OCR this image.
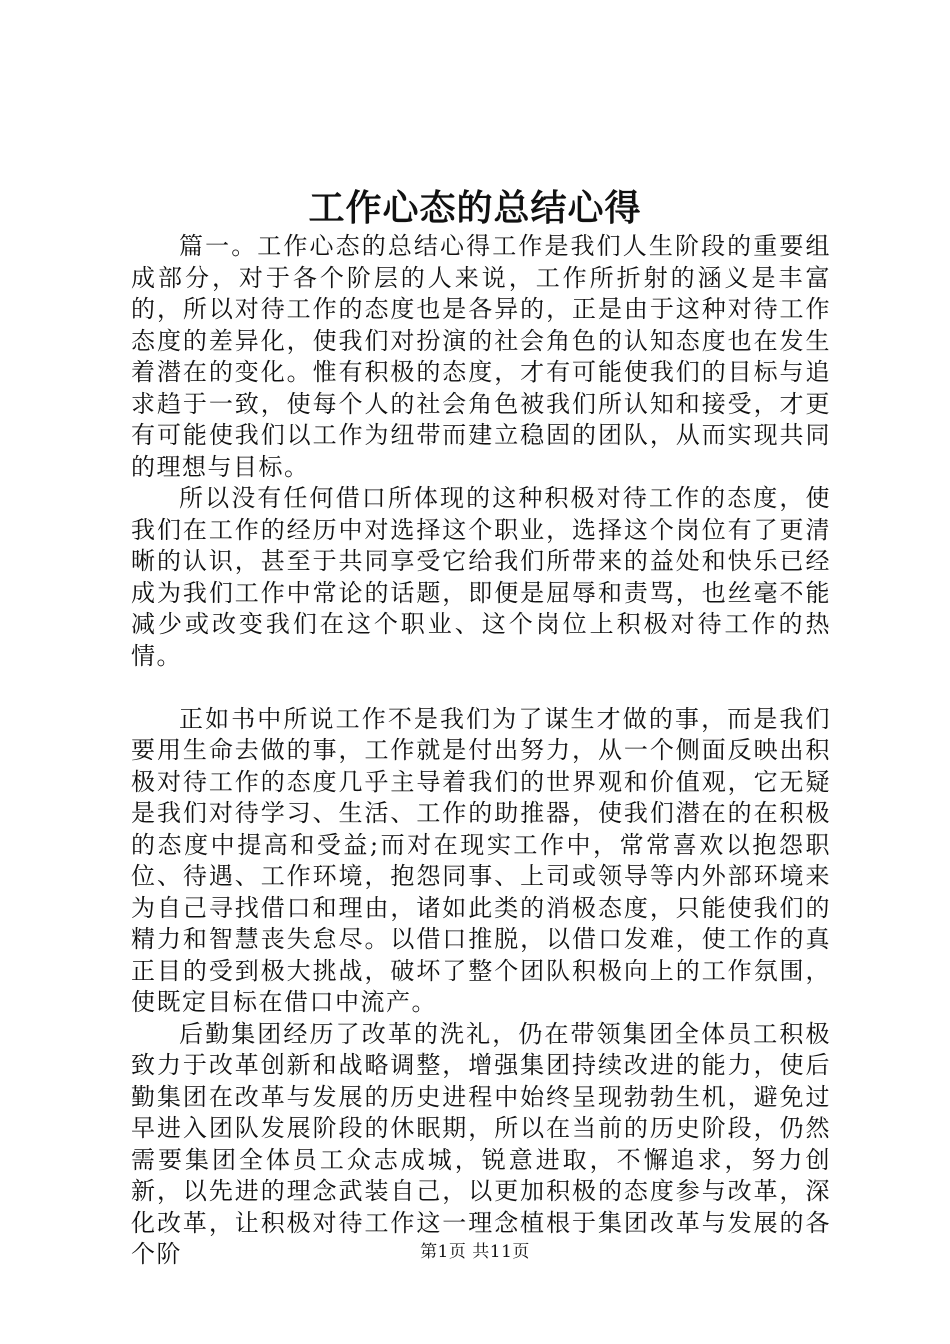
工作心态的总结心得

篇一。工作心态的总结心得工作是我们人生阶段的重要组成部分，对于各个阶层的人来说，工作所折射的涵义是丰富的，所以对待工作的态度也是各异的，正是由于这种对待工作态度的差异化，使我们对扮演的社会角色的认知态度也在发生着潜在的变化。惟有积极的态度，才有可能使我们的目标与追求趋于一致，使每个人的社会角色被我们所认知和接受，才更有可能使我们以工作为纽带而建立稳固的团队，从而实现共同的理想与目标。

所以没有任何借口所体现的这种积极对待工作的态度，使我们在工作的经历中对选择这个职业，选择这个岗位有了更清晰的认识，甚至于共同享受它给我们所带来的益处和快乐已经成为我们工作中常论的话题，即便是屈辱和责骂，也丝毫不能减少或改变我们在这个职业、这个岗位上积极对待工作的热情。

正如书中所说工作不是我们为了谋生才做的事，而是我们要用生命去做的事，工作就是付出努力，从一个侧面反映出积极对待工作的态度几乎主导着我们的世界观和价值观，它无疑是我们对待学习、生活、工作的助推器，使我们潜在的在积极的态度中提高和受益;而对在现实工作中，常常喜欢以抱怨职位、待遇、工作环境，抱怨同事、上司或领导等内外部环境来为自己寻找借口和理由，诸如此类的消极态度，只能使我们的精力和智慧丧失怠尽。以借口推脱，以借口发难，使工作的真正目的受到极大挑战，破坏了整个团队积极向上的工作氛围，使既定目标在借口中流产。

后勤集团经历了改革的洗礼，仍在带领集团全体员工积极致力于改革创新和战略调整，增强集团持续改进的能力，使后勤集团在改革与发展的历史进程中始终呈现勃勃生机，避免过早进入团队发展阶段的休眠期，所以在当前的历史阶段，仍然需要集团全体员工众志成城，锐意进取，不懈追求，努力创新，以先进的理念武装自己，以更加积极的态度参与改革，深化改革，让积极对待工作这一理念植根于集团改革与发展的各个阶	第1页 共11页
